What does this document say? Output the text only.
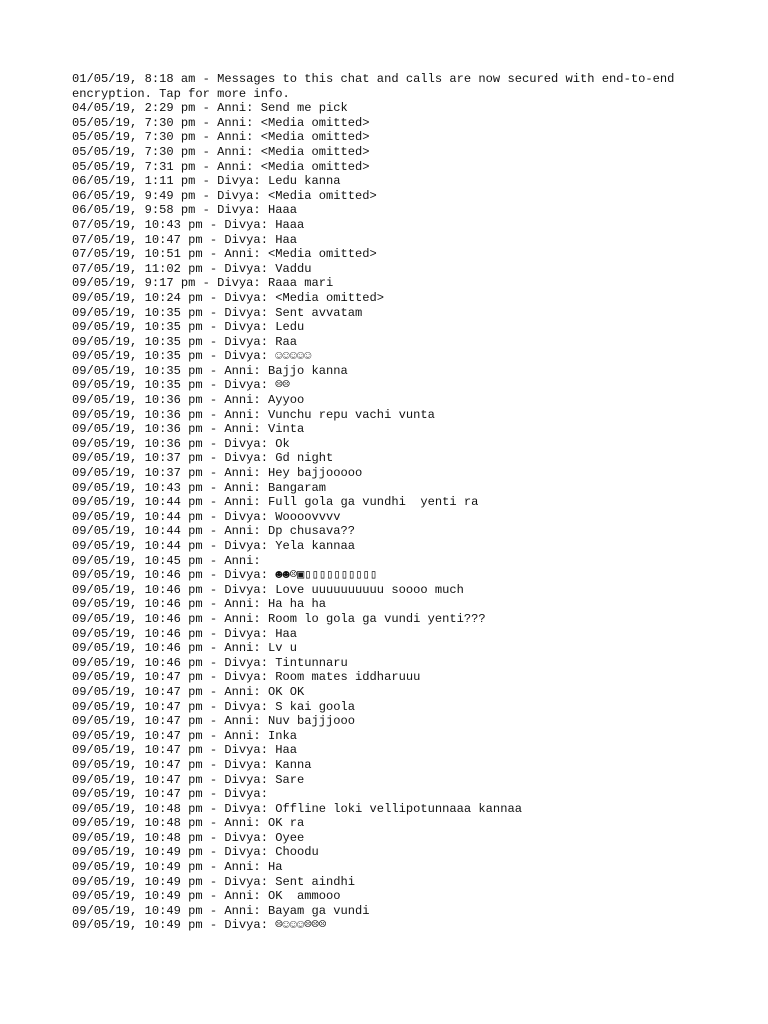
01/05/19, 8:18 am - Messages to this chat and calls are now secured with end-to-end encryption. Tap for more info.
04/05/19, 2:29 pm - Anni: Send me pick
05/05/19, 7:30 pm - Anni: <Media omitted>
05/05/19, 7:30 pm - Anni: <Media omitted>
05/05/19, 7:30 pm - Anni: <Media omitted>
05/05/19, 7:31 pm - Anni: <Media omitted>
06/05/19, 1:11 pm - Divya: Ledu kanna
06/05/19, 9:49 pm - Divya: <Media omitted>
06/05/19, 9:58 pm - Divya: Haaa
07/05/19, 10:43 pm - Divya: Haaa
07/05/19, 10:47 pm - Divya: Haa
07/05/19, 10:51 pm - Anni: <Media omitted>
07/05/19, 11:02 pm - Divya: Vaddu
09/05/19, 9:17 pm - Divya: Raaa mari
09/05/19, 10:24 pm - Divya: <Media omitted>
09/05/19, 10:35 pm - Divya: Sent avvatam
09/05/19, 10:35 pm - Divya: Ledu
09/05/19, 10:35 pm - Divya: Raa
09/05/19, 10:35 pm - Divya: ☺☺☺☺☺
09/05/19, 10:35 pm - Anni: Bajjo kanna
09/05/19, 10:35 pm - Divya: ☹☹
09/05/19, 10:36 pm - Anni: Ayyoo
09/05/19, 10:36 pm - Anni: Vunchu repu vachi vunta
09/05/19, 10:36 pm - Anni: Vinta
09/05/19, 10:36 pm - Divya: Ok
09/05/19, 10:37 pm - Divya: Gd night
09/05/19, 10:37 pm - Anni: Hey bajjooooo
09/05/19, 10:43 pm - Anni: Bangaram
09/05/19, 10:44 pm - Anni: Full gola ga vundhi  yenti ra
09/05/19, 10:44 pm - Divya: Woooovvvv
09/05/19, 10:44 pm - Anni: Dp chusava??
09/05/19, 10:44 pm - Divya: Yela kannaa
09/05/19, 10:45 pm - Anni:
09/05/19, 10:46 pm - Divya: ☻☻☹▣▯▯▯▯▯▯▯▯▯▯
09/05/19, 10:46 pm - Divya: Love uuuuuuuuuu soooo much
09/05/19, 10:46 pm - Anni: Ha ha ha
09/05/19, 10:46 pm - Anni: Room lo gola ga vundi yenti???
09/05/19, 10:46 pm - Divya: Haa
09/05/19, 10:46 pm - Anni: Lv u
09/05/19, 10:46 pm - Divya: Tintunnaru
09/05/19, 10:47 pm - Divya: Room mates iddharuuu
09/05/19, 10:47 pm - Anni: OK OK
09/05/19, 10:47 pm - Divya: S kai goola
09/05/19, 10:47 pm - Anni: Nuv bajjjooo
09/05/19, 10:47 pm - Anni: Inka
09/05/19, 10:47 pm - Divya: Haa
09/05/19, 10:47 pm - Divya: Kanna
09/05/19, 10:47 pm - Divya: Sare
09/05/19, 10:47 pm - Divya:
09/05/19, 10:48 pm - Divya: Offline loki vellipotunnaaa kannaa
09/05/19, 10:48 pm - Anni: OK ra
09/05/19, 10:48 pm - Divya: Oyee
09/05/19, 10:49 pm - Divya: Choodu
09/05/19, 10:49 pm - Anni: Ha
09/05/19, 10:49 pm - Divya: Sent aindhi
09/05/19, 10:49 pm - Anni: OK  ammooo
09/05/19, 10:49 pm - Anni: Bayam ga vundi
09/05/19, 10:49 pm - Divya: ☹☺☺☺☹☹☹
